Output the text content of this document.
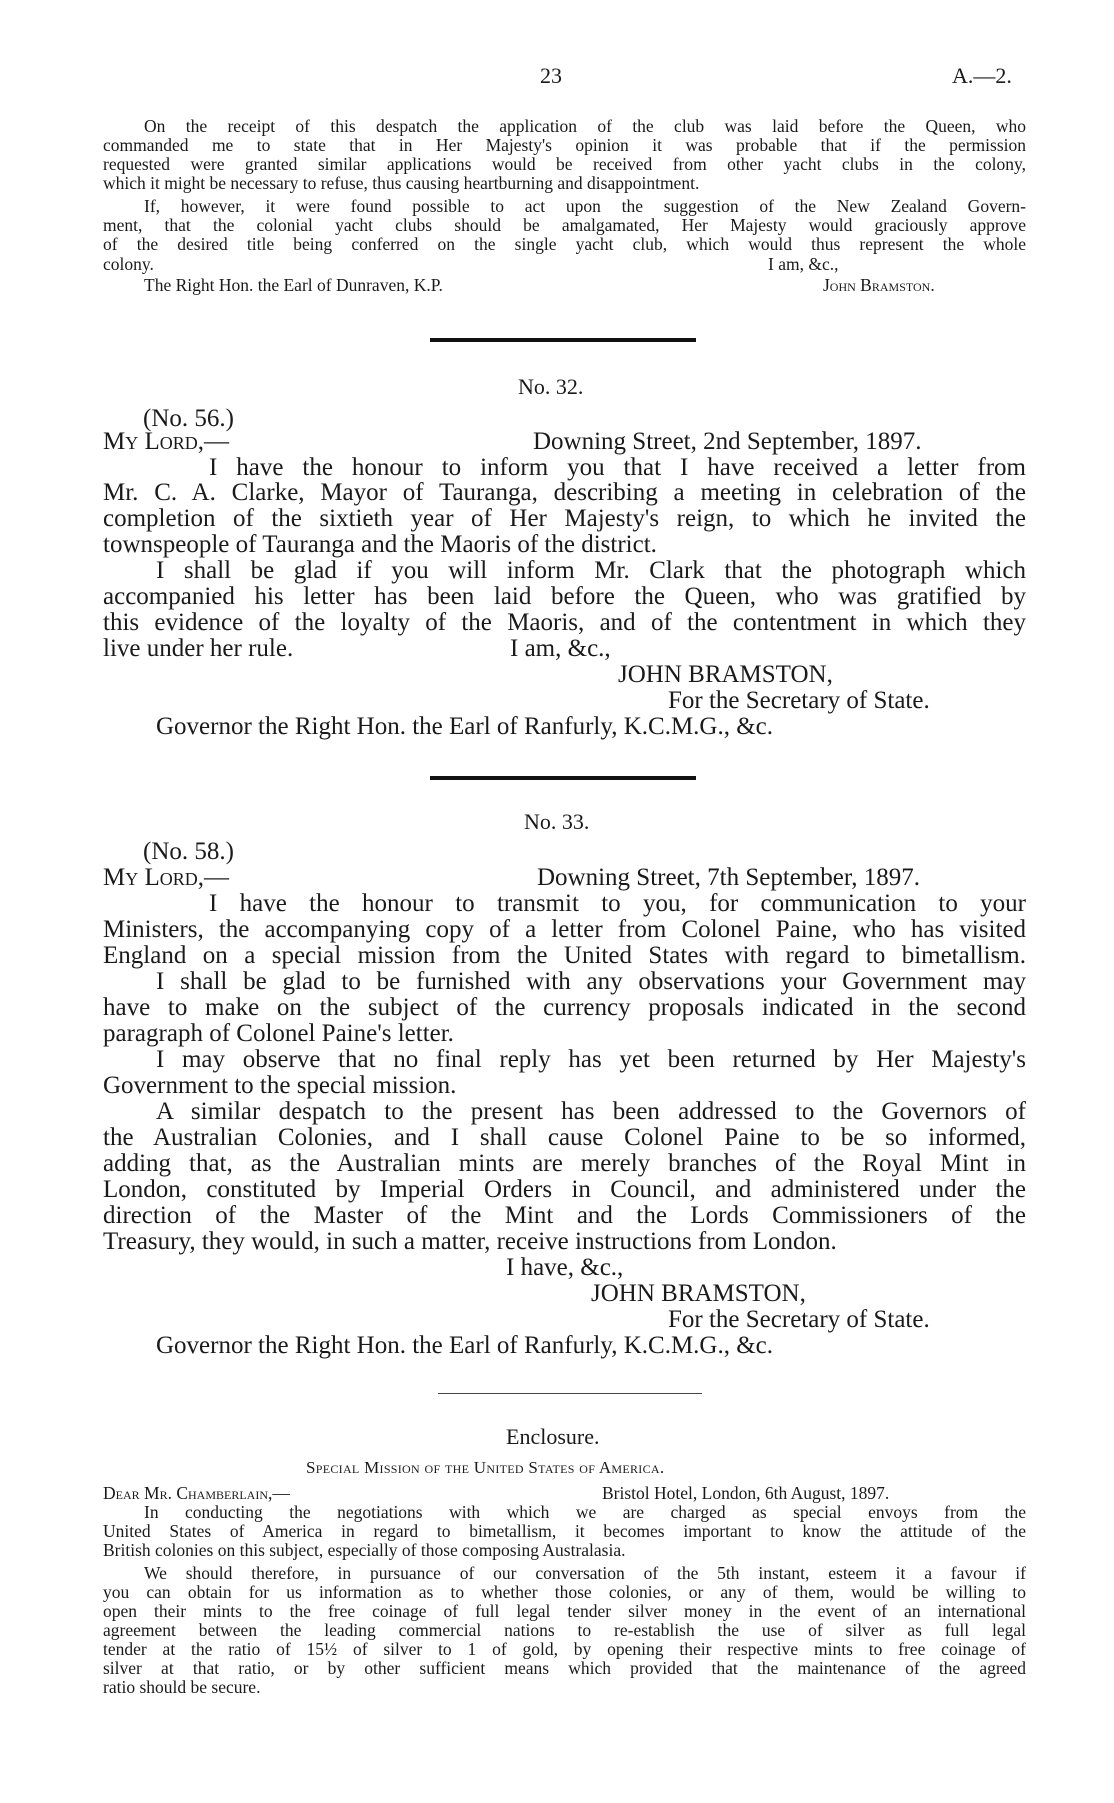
23	A.—2.
On the receipt of this despatch the application of the club was laid before the Queen, who
commanded me to state that in Her Majesty's opinion it was probable that if the permission
requested were granted similar applications would be received from other yacht clubs in the colony,
which it might be necessary to refuse, thus causing heartburning and disappointment.
If, however, it were found possible to act upon the suggestion of the New Zealand Govern-
ment, that the colonial yacht clubs should be amalgamated, Her Majesty would graciously approve
of the desired title being conferred on the single yacht club, which would thus represent the whole
colony.	I am, &c.,
The Right Hon. the Earl of Dunraven, K.P.	John Bramston.
No. 32.
(No. 56.)
My Lord,—	Downing Street, 2nd September, 1897.
I have the honour to inform you that I have received a letter from
Mr. C. A. Clarke, Mayor of Tauranga, describing a meeting in celebration of the
completion of the sixtieth year of Her Majesty's reign, to which he invited the
townspeople of Tauranga and the Maoris of the district.
I shall be glad if you will inform Mr. Clark that the photograph which
accompanied his letter has been laid before the Queen, who was gratified by
this evidence of the loyalty of the Maoris, and of the contentment in which they
live under her rule.	I am, &c.,
JOHN BRAMSTON,
For the Secretary of State.
Governor the Right Hon. the Earl of Ranfurly, K.C.M.G., &c.
No. 33.
(No. 58.)
My Lord,—	Downing Street, 7th September, 1897.
I have the honour to transmit to you, for communication to your
Ministers, the accompanying copy of a letter from Colonel Paine, who has visited
England on a special mission from the United States with regard to bimetallism.
I shall be glad to be furnished with any observations your Government may
have to make on the subject of the currency proposals indicated in the second
paragraph of Colonel Paine's letter.
I may observe that no final reply has yet been returned by Her Majesty's
Government to the special mission.
A similar despatch to the present has been addressed to the Governors of
the Australian Colonies, and I shall cause Colonel Paine to be so informed,
adding that, as the Australian mints are merely branches of the Royal Mint in
London, constituted by Imperial Orders in Council, and administered under the
direction of the Master of the Mint and the Lords Commissioners of the
Treasury, they would, in such a matter, receive instructions from London.
I have, &c.,
JOHN BRAMSTON,
For the Secretary of State.
Governor the Right Hon. the Earl of Ranfurly, K.C.M.G., &c.
Enclosure.
Special Mission of the United States of America.
Dear Mr. Chamberlain,—	Bristol Hotel, London, 6th August, 1897.
In conducting the negotiations with which we are charged as special envoys from the
United States of America in regard to bimetallism, it becomes important to know the attitude of the
British colonies on this subject, especially of those composing Australasia.
We should therefore, in pursuance of our conversation of the 5th instant, esteem it a favour if
you can obtain for us information as to whether those colonies, or any of them, would be willing to
open their mints to the free coinage of full legal tender silver money in the event of an international
agreement between the leading commercial nations to re-establish the use of silver as full legal
tender at the ratio of 15½ of silver to 1 of gold, by opening their respective mints to free coinage of
silver at that ratio, or by other sufficient means which provided that the maintenance of the agreed
ratio should be secure.
